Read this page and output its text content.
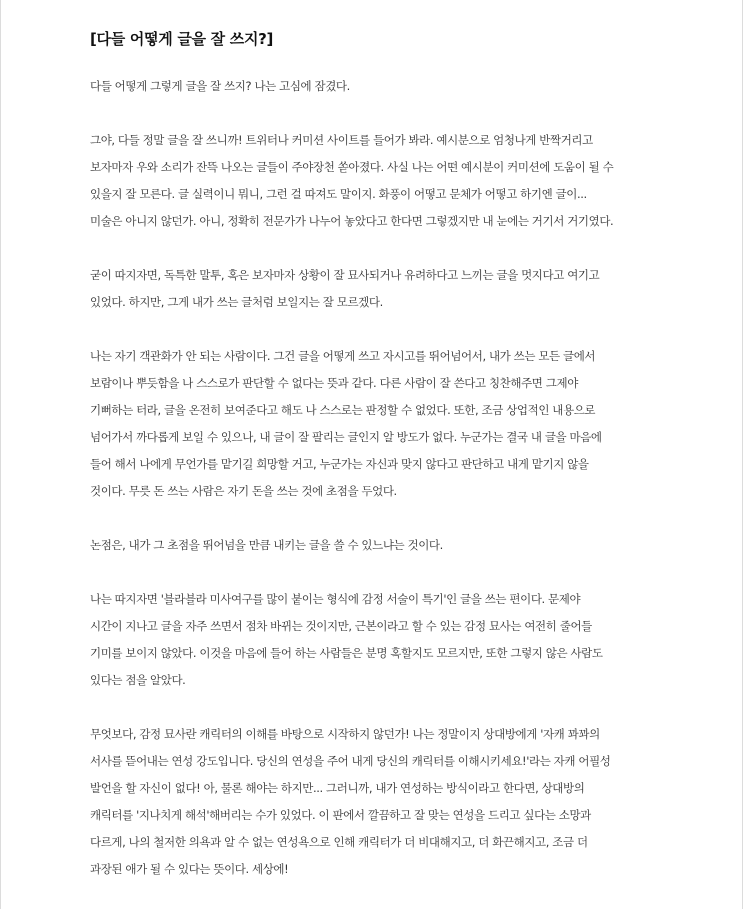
[다들 어떻게 글을 잘 쓰지?]
다들 어떻게 그렇게 글을 잘 쓰지? 나는 고심에 잠겼다.
그야, 다들 정말 글을 잘 쓰니까! 트위터나 커미션 사이트를 들어가 봐라. 예시분으로 엄청나게 반짝거리고
보자마자 우와 소리가 잔뜩 나오는 글들이 주야장천 쏟아졌다. 사실 나는 어떤 예시분이 커미션에 도움이 될 수
있을지 잘 모른다. 글 실력이니 뭐니, 그런 걸 따져도 말이지. 화풍이 어떻고 문체가 어떻고 하기엔 글이...
미술은 아니지 않던가. 아니, 정확히 전문가가 나누어 놓았다고 한다면 그렇겠지만 내 눈에는 거기서 거기였다.
굳이 따지자면, 독특한 말투, 혹은 보자마자 상황이 잘 묘사되거나 유려하다고 느끼는 글을 멋지다고 여기고
있었다. 하지만, 그게 내가 쓰는 글처럼 보일지는 잘 모르겠다.
나는 자기 객관화가 안 되는 사람이다. 그건 글을 어떻게 쓰고 자시고를 뛰어넘어서, 내가 쓰는 모든 글에서
보람이나 뿌듯함을 나 스스로가 판단할 수 없다는 뜻과 같다. 다른 사람이 잘 쓴다고 칭찬해주면 그제야
기뻐하는 터라, 글을 온전히 보여준다고 해도 나 스스로는 판정할 수 없었다. 또한, 조금 상업적인 내용으로
넘어가서 까다롭게 보일 수 있으나, 내 글이 잘 팔리는 글인지 알 방도가 없다. 누군가는 결국 내 글을 마음에
들어 해서 나에게 무언가를 맡기길 희망할 거고, 누군가는 자신과 맞지 않다고 판단하고 내게 맡기지 않을
것이다. 무릇 돈 쓰는 사람은 자기 돈을 쓰는 것에 초점을 두었다.
논점은, 내가 그 초점을 뛰어넘을 만큼 내키는 글을 쓸 수 있느냐는 것이다.
나는 따지자면 '블라블라 미사여구를 많이 붙이는 형식에 감정 서술이 특기'인 글을 쓰는 편이다. 문제야
시간이 지나고 글을 자주 쓰면서 점차 바뀌는 것이지만, 근본이라고 할 수 있는 감정 묘사는 여전히 줄어들
기미를 보이지 않았다. 이것을 마음에 들어 하는 사람들은 분명 혹할지도 모르지만, 또한 그렇지 않은 사람도
있다는 점을 알았다.
무엇보다, 감정 묘사란 캐릭터의 이해를 바탕으로 시작하지 않던가! 나는 정말이지 상대방에게 '자캐 꽈꽈의
서사를 뜯어내는 연성 강도입니다. 당신의 연성을 주어 내게 당신의 캐릭터를 이해시키세요!'라는 자캐 어필성
발언을 할 자신이 없다! 아, 물론 해야는 하지만... 그러니까, 내가 연성하는 방식이라고 한다면, 상대방의
캐릭터를 '지나치게 해석'해버리는 수가 있었다. 이 판에서 깔끔하고 잘 맞는 연성을 드리고 싶다는 소망과
다르게, 나의 철저한 의욕과 알 수 없는 연성욕으로 인해 캐릭터가 더 비대해지고, 더 화끈해지고, 조금 더
과장된 애가 될 수 있다는 뜻이다. 세상에!
